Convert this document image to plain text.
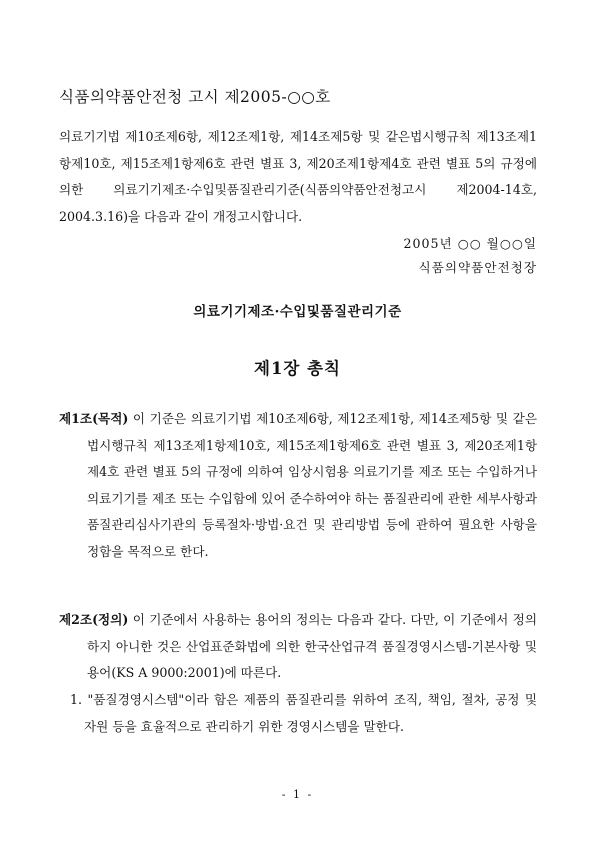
식품의약품안전청 고시 제2005-○○호

의료기기법 제10조제6항, 제12조제1항, 제14조제5항 및 같은법시행규칙 제13조제1항제10호, 제15조제1항제6호 관련 별표 3, 제20조제1항제4호 관련 별표 5의 규정에 의한 의료기기제조·수입및품질관리기준(식품의약품안전청고시 제2004-14호, 2004.3.16)을 다음과 같이 개정고시합니다.

2005년 ○○ 월○○일
식품의약품안전청장
의료기기제조·수입및품질관리기준
제1장 총칙

제1조(목적) 이 기준은 의료기기법 제10조제6항, 제12조제1항, 제14조제5항 및 같은법시행규칙 제13조제1항제10호, 제15조제1항제6호 관련 별표 3, 제20조제1항제4호 관련 별표 5의 규정에 의하여 임상시험용 의료기기를 제조 또는 수입하거나 의료기기를 제조 또는 수입함에 있어 준수하여야 하는 품질관리에 관한 세부사항과 품질관리심사기관의 등록절차·방법·요건 및 관리방법 등에 관하여 필요한 사항을 정함을 목적으로 한다.

제2조(정의) 이 기준에서 사용하는 용어의 정의는 다음과 같다. 다만, 이 기준에서 정의하지 아니한 것은 산업표준화법에 의한 한국산업규격 품질경영시스템-기본사항 및 용어(KS A 9000:2001)에 따른다.

1. "품질경영시스템"이라 함은 제품의 품질관리를 위하여 조직, 책임, 절차, 공정 및 자원 등을 효율적으로 관리하기 위한 경영시스템을 말한다.

- 1 -
